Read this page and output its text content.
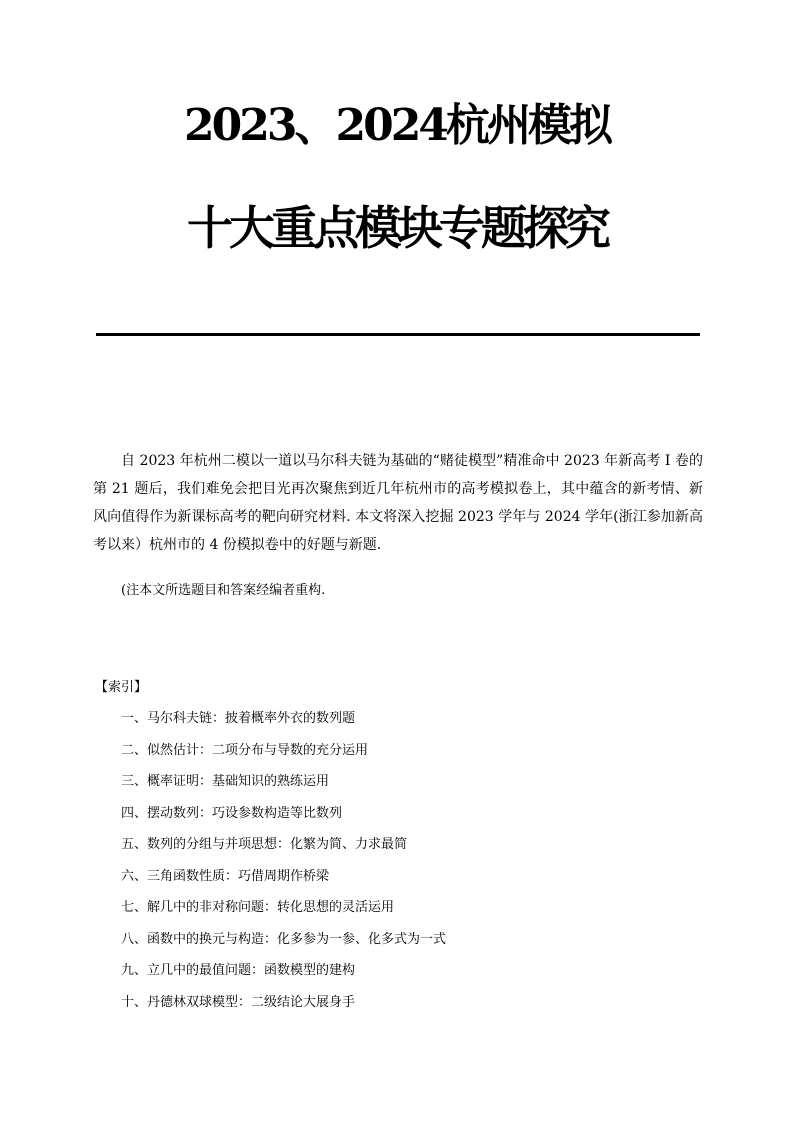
2023、2024杭州模拟
十大重点模块专题探究

自 2023 年杭州二模以一道以马尔科夫链为基础的“赌徒模型”精准命中 2023 年新高考 I 卷的第 21 题后，我们难免会把目光再次聚焦到近几年杭州市的高考模拟卷上，其中蕴含的新考情、新风向值得作为新课标高考的靶向研究材料. 本文将深入挖掘 2023 学年与 2024 学年(浙江参加新高考以来）杭州市的 4 份模拟卷中的好题与新题.

(注本文所选题目和答案经编者重构.

【索引】

一、马尔科夫链：披着概率外衣的数列题
二、似然估计：二项分布与导数的充分运用
三、概率证明：基础知识的熟练运用
四、摆动数列：巧设参数构造等比数列
五、数列的分组与并项思想：化繁为简、力求最简
六、三角函数性质：巧借周期作桥梁
七、解几中的非对称问题：转化思想的灵活运用
八、函数中的换元与构造：化多参为一参、化多式为一式
九、立几中的最值问题：函数模型的建构
十、丹德林双球模型：二级结论大展身手
